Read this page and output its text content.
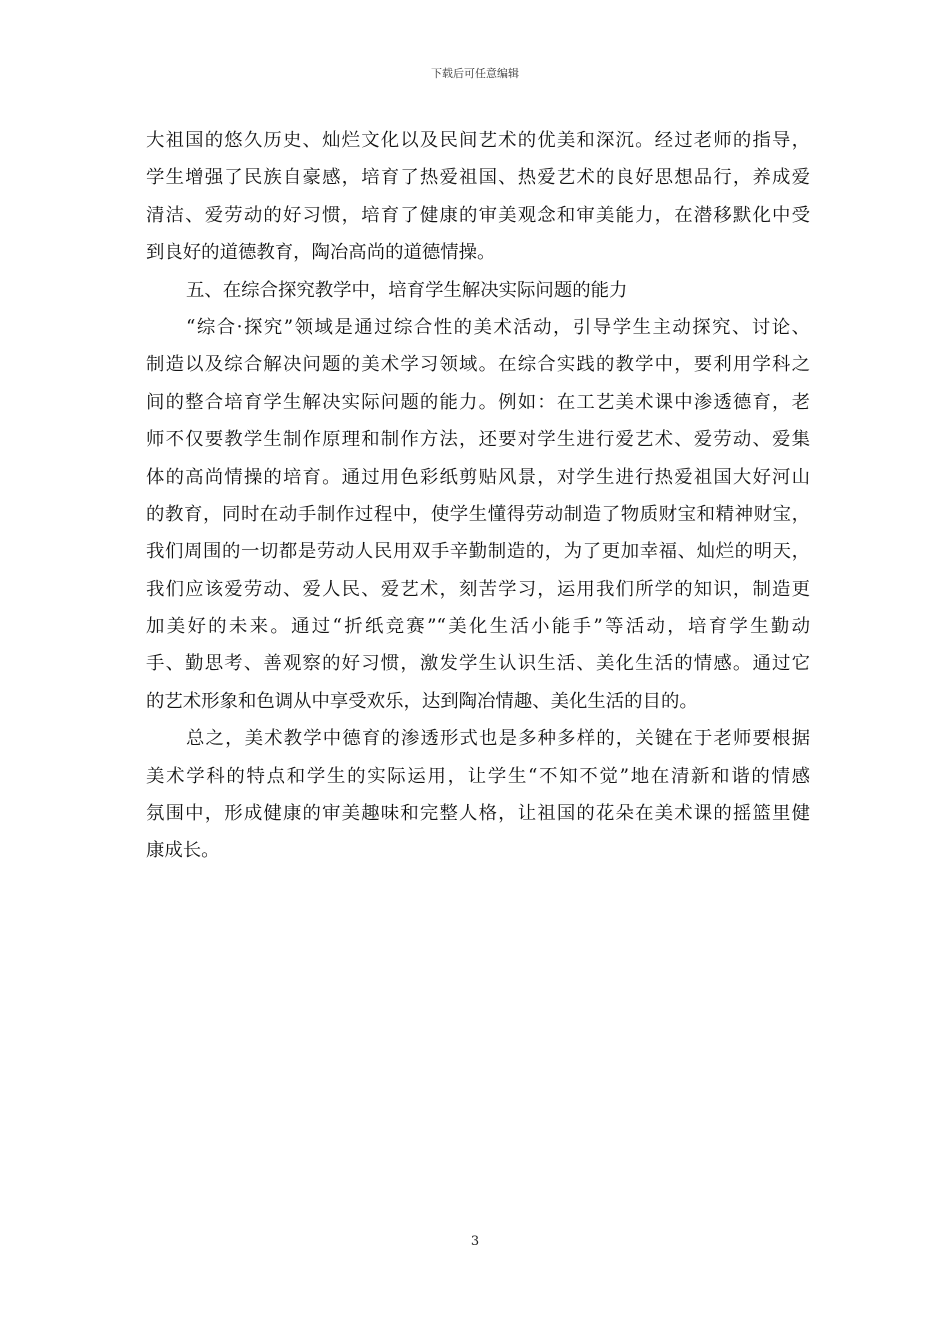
下载后可任意编辑
大祖国的悠久历史、灿烂文化以及民间艺术的优美和深沉。经过老师的指导，
学生增强了民族自豪感，培育了热爱祖国、热爱艺术的良好思想品行，养成爱
清洁、爱劳动的好习惯，培育了健康的审美观念和审美能力，在潜移默化中受
到良好的道德教育，陶冶高尚的道德情操。
五、在综合探究教学中，培育学生解决实际问题的能力
“综合·探究”领域是通过综合性的美术活动，引导学生主动探究、讨论、
制造以及综合解决问题的美术学习领域。在综合实践的教学中，要利用学科之
间的整合培育学生解决实际问题的能力。例如：在工艺美术课中渗透德育，老
师不仅要教学生制作原理和制作方法，还要对学生进行爱艺术、爱劳动、爱集
体的高尚情操的培育。通过用色彩纸剪贴风景，对学生进行热爱祖国大好河山
的教育，同时在动手制作过程中，使学生懂得劳动制造了物质财宝和精神财宝，
我们周围的一切都是劳动人民用双手辛勤制造的，为了更加幸福、灿烂的明天，
我们应该爱劳动、爱人民、爱艺术，刻苦学习，运用我们所学的知识，制造更
加美好的未来。通过“折纸竞赛”“美化生活小能手”等活动，培育学生勤动
手、勤思考、善观察的好习惯，激发学生认识生活、美化生活的情感。通过它
的艺术形象和色调从中享受欢乐，达到陶冶情趣、美化生活的目的。
总之，美术教学中德育的渗透形式也是多种多样的，关键在于老师要根据
美术学科的特点和学生的实际运用，让学生“不知不觉”地在清新和谐的情感
氛围中，形成健康的审美趣味和完整人格，让祖国的花朵在美术课的摇篮里健
康成长。
3
